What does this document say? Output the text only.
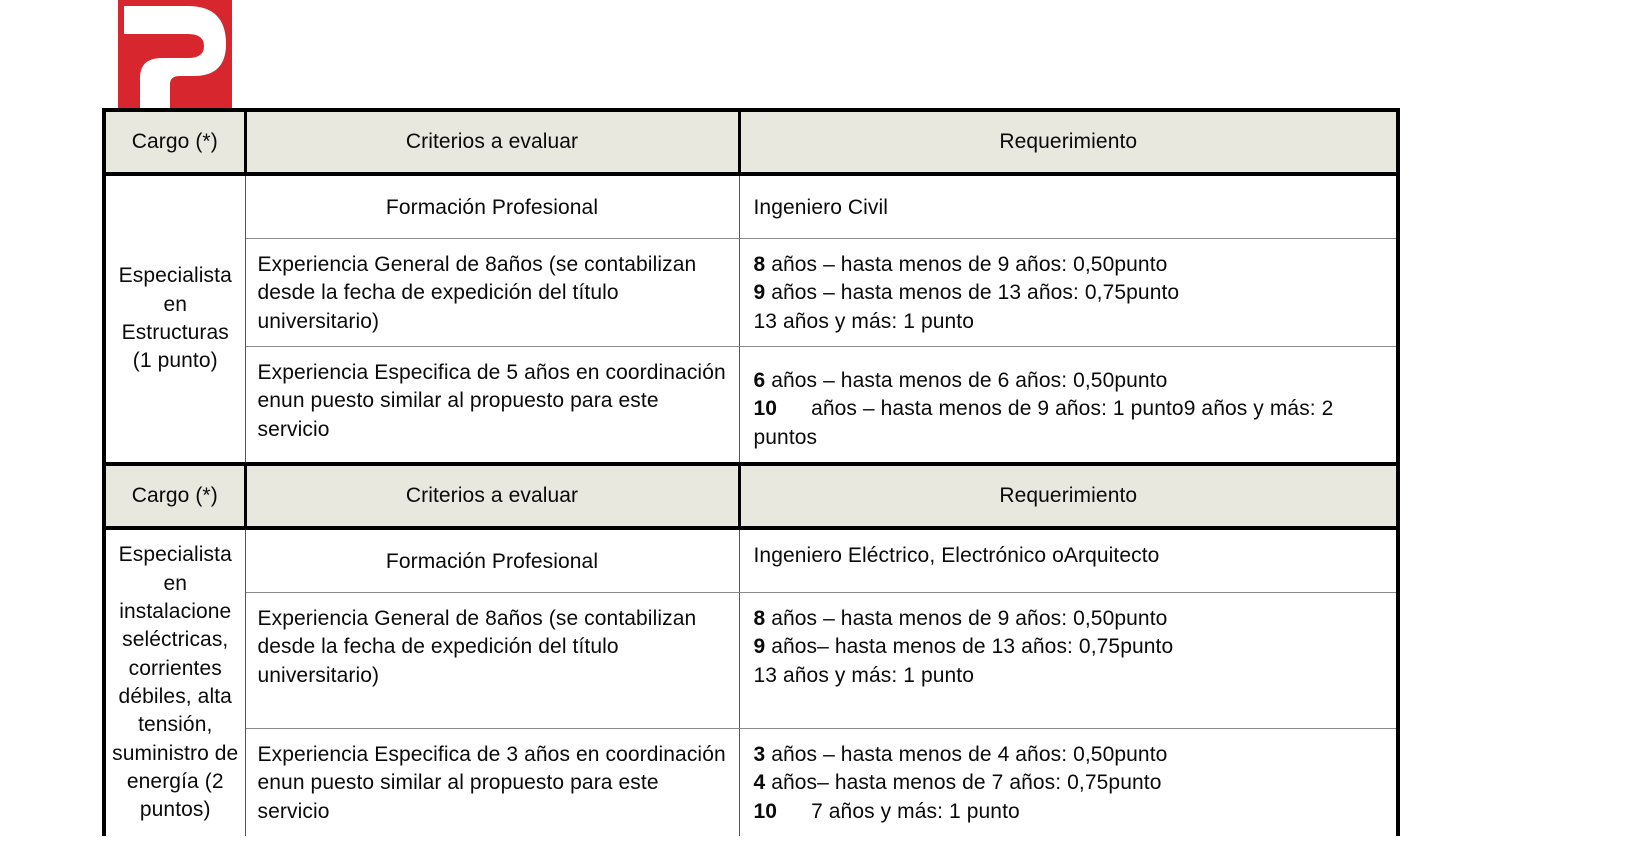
Cargo (*)	Criterios a evaluar	Requerimiento

Especialista en Estructuras (1 punto)	Formación Profesional	Ingeniero Civil

	Experiencia General de 8años (se contabilizan desde la fecha de expedición del título universitario)	8 años – hasta menos de 9 años: 0,50punto
9 años – hasta menos de 13 años: 0,75punto
13 años y más: 1 punto

	Experiencia Especifica de 5 años en coordinación enun puesto similar al propuesto para este servicio	6 años – hasta menos de 6 años: 0,50punto
10 años – hasta menos de 9 años: 1 punto9 años y más: 2 puntos

Cargo (*)	Criterios a evaluar	Requerimiento

Especialista en instalacione seléctricas, corrientes débiles, alta tensión, suministro de energía (2 puntos)	Formación Profesional	Ingeniero Eléctrico, Electrónico oArquitecto

	Experiencia General de 8años (se contabilizan desde la fecha de expedición del título universitario)	8 años – hasta menos de 9 años: 0,50punto
9 años– hasta menos de 13 años: 0,75punto
13 años y más: 1 punto

	Experiencia Especifica de 3 años en coordinación enun puesto similar al propuesto para este servicio	3 años – hasta menos de 4 años: 0,50punto
4 años– hasta menos de 7 años: 0,75punto
10 7 años y más: 1 punto
